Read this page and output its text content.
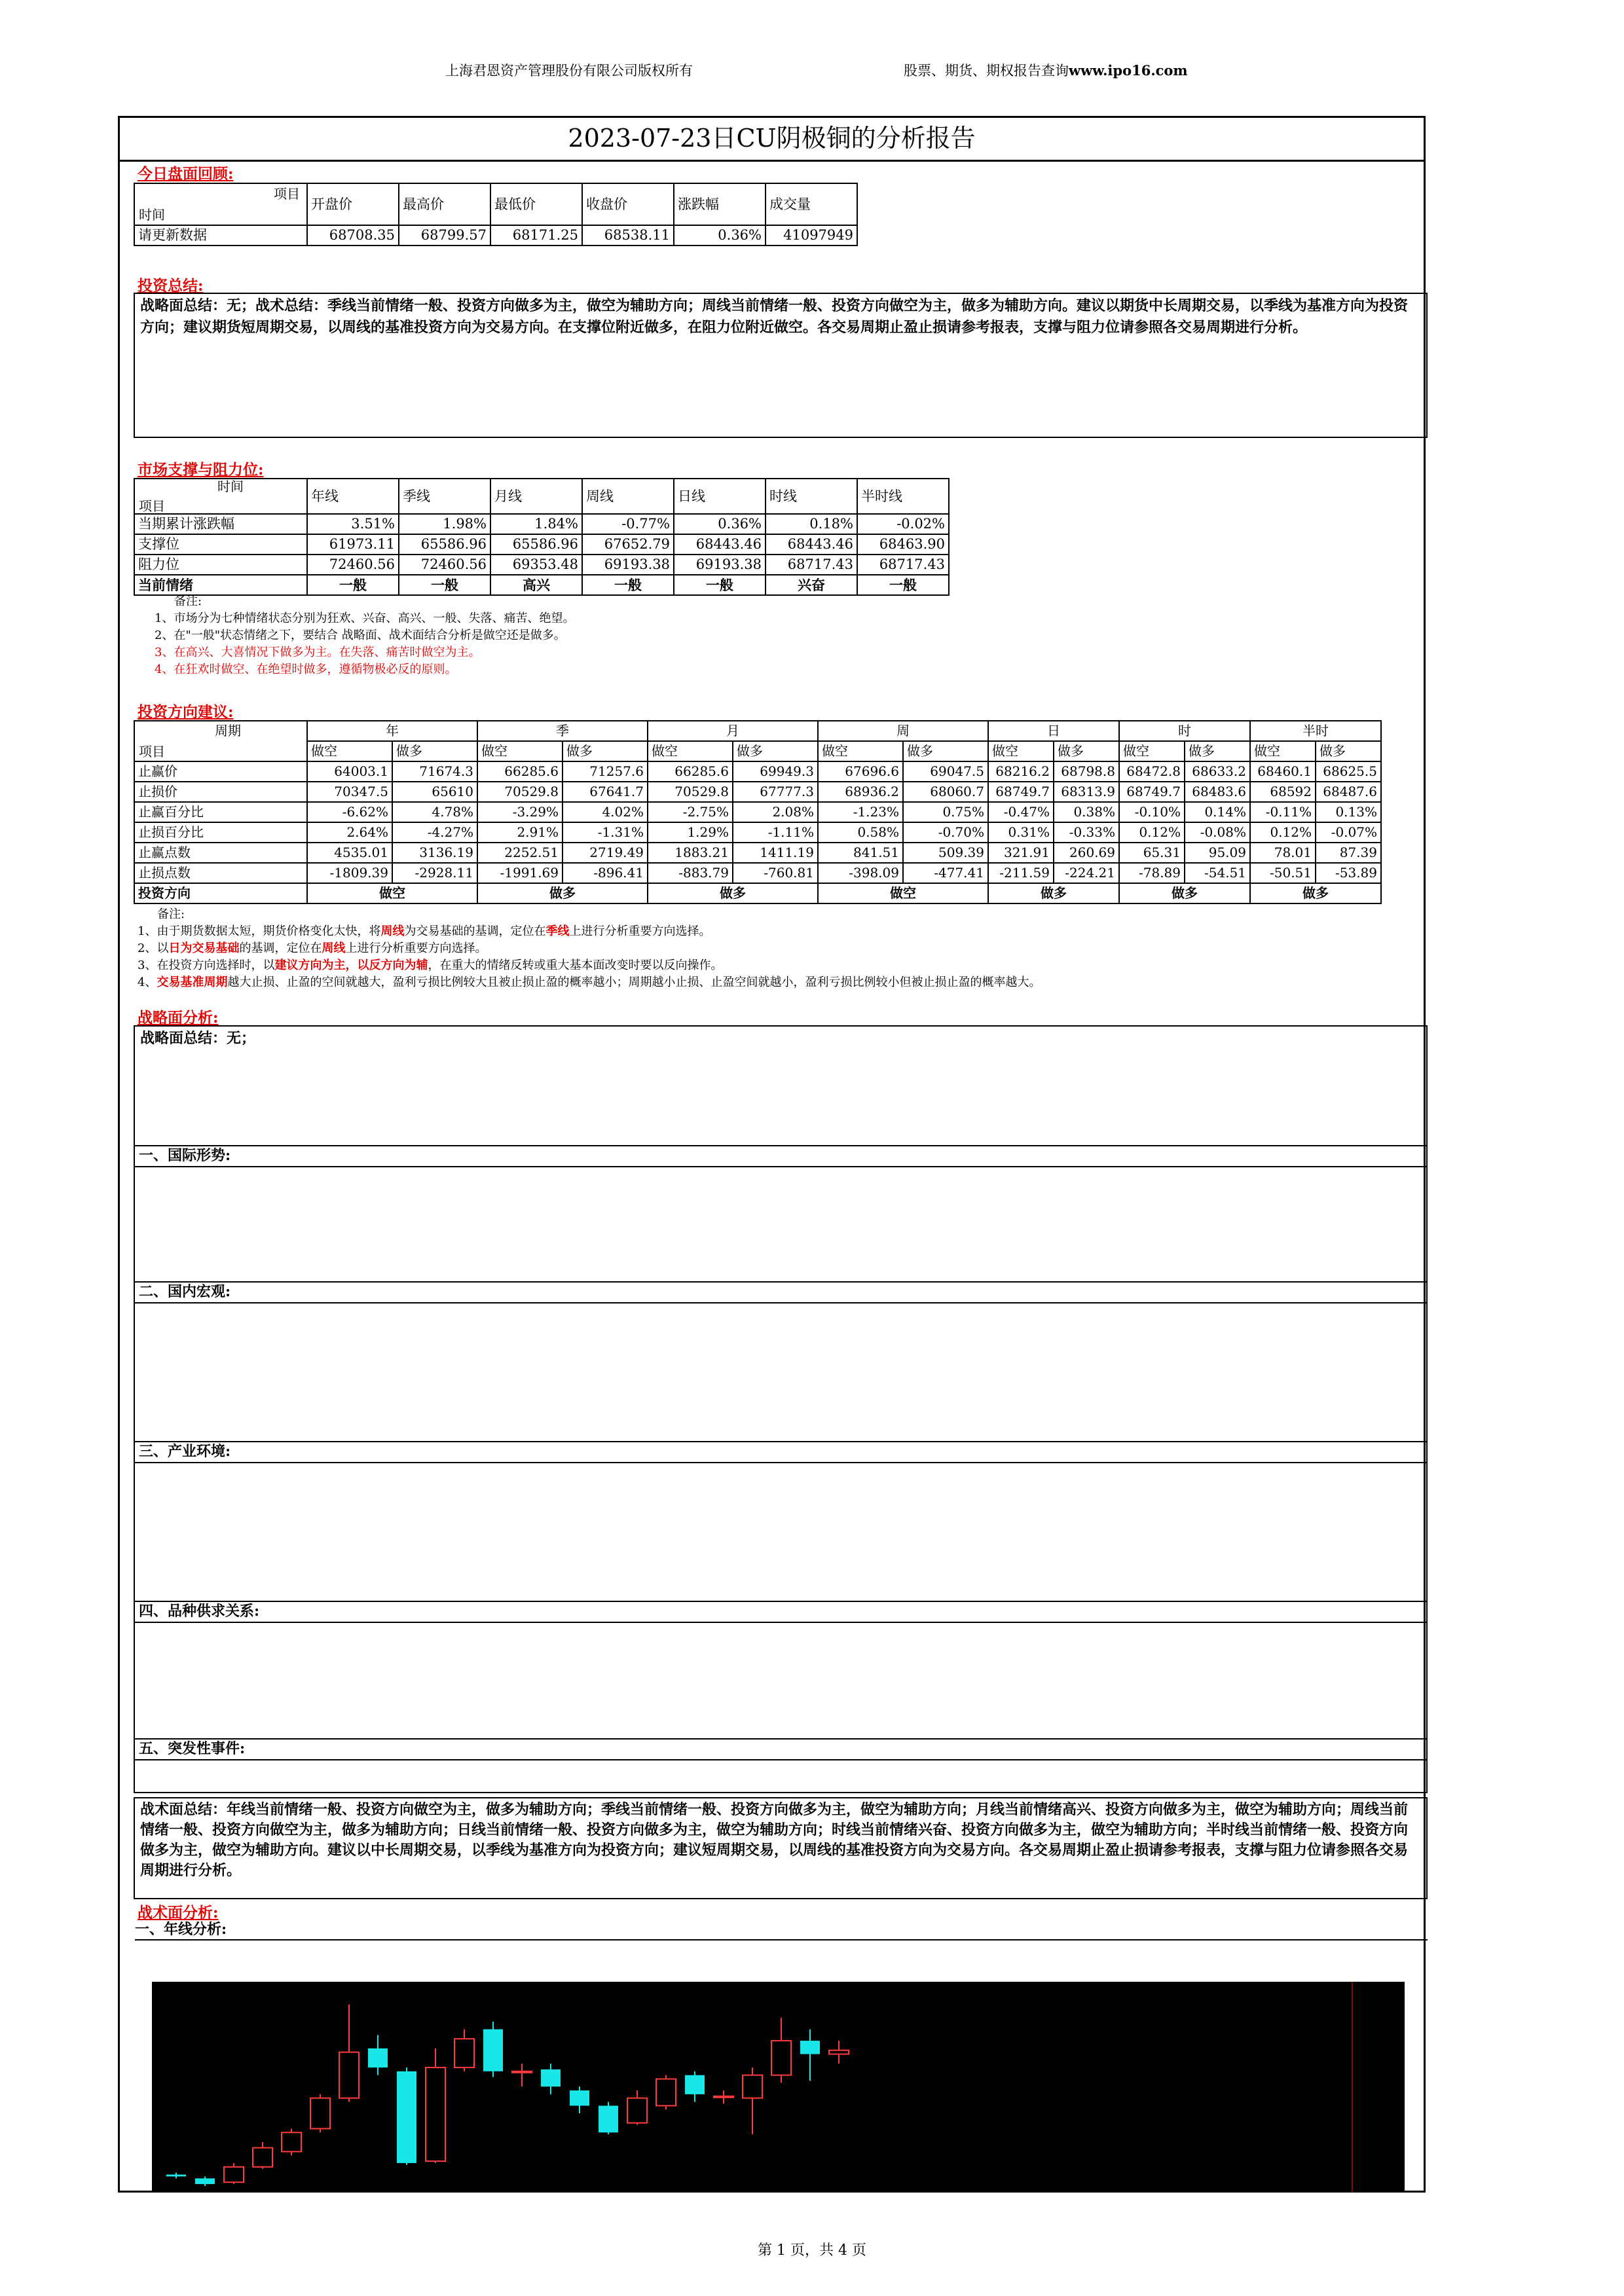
上海君恩资产管理股份有限公司版权所有	股票、期货、期权报告查询www.ipo16.com
2023-07-23日CU阴极铜的分析报告
今日盘面回顾:
项目
时间	开盘价	最高价	最低价	收盘价	涨跌幅	成交量
请更新数据	68708.35	68799.57	68171.25	68538.11	0.36%	41097949
投资总结:
战略面总结：无；战术总结：季线当前情绪一般、投资方向做多为主，做空为辅助方向；周线当前情绪一般、投资方向做空为主，做多为辅助方向。建议以期货中长周期交易，以季线为基准方向为投资方向；建议期货短周期交易，以周线的基准投资方向为交易方向。在支撑位附近做多，在阻力位附近做空。各交易周期止盈止损请参考报表，支撑与阻力位请参照各交易周期进行分析。
市场支撑与阻力位:
时间
项目	年线	季线	月线	周线	日线	时线	半时线
当期累计涨跌幅	3.51%	1.98%	1.84%	-0.77%	0.36%	0.18%	-0.02%
支撑位	61973.11	65586.96	65586.96	67652.79	68443.46	68443.46	68463.90
阻力位	72460.56	72460.56	69353.48	69193.38	69193.38	68717.43	68717.43
当前情绪	一般	一般	高兴	一般	一般	兴奋	一般
备注:
1、市场分为七种情绪状态分别为狂欢、兴奋、高兴、一般、失落、痛苦、绝望。
2、在"一般"状态情绪之下，要结合 战略面、战术面结合分析是做空还是做多。
3、在高兴、大喜情况下做多为主。在失落、痛苦时做空为主。
4、在狂欢时做空、在绝望时做多，遵循物极必反的原则。
投资方向建议:
周期
项目	年		季		月		周		日		时		半时	
	做空	做多	做空	做多	做空	做多	做空	做多	做空	做多	做空	做多	做空	做多
止赢价	64003.1	71674.3	66285.6	71257.6	66285.6	69949.3	67696.6	69047.5	68216.2	68798.8	68472.8	68633.2	68460.1	68625.5
止损价	70347.5	65610	70529.8	67641.7	70529.8	67777.3	68936.2	68060.7	68749.7	68313.9	68749.7	68483.6	68592	68487.6
止赢百分比	-6.62%	4.78%	-3.29%	4.02%	-2.75%	2.08%	-1.23%	0.75%	-0.47%	0.38%	-0.10%	0.14%	-0.11%	0.13%
止损百分比	2.64%	-4.27%	2.91%	-1.31%	1.29%	-1.11%	0.58%	-0.70%	0.31%	-0.33%	0.12%	-0.08%	0.12%	-0.07%
止赢点数	4535.01	3136.19	2252.51	2719.49	1883.21	1411.19	841.51	509.39	321.91	260.69	65.31	95.09	78.01	87.39
止损点数	-1809.39	-2928.11	-1991.69	-896.41	-883.79	-760.81	-398.09	-477.41	-211.59	-224.21	-78.89	-54.51	-50.51	-53.89
投资方向	做空		做多		做多		做空		做多		做多		做多	
备注:
1、由于期货数据太短，期货价格变化太快，将周线为交易基础的基调，定位在季线上进行分析重要方向选择。
2、以日为交易基础的基调，定位在周线上进行分析重要方向选择。
3、在投资方向选择时，以建议方向为主，以反方向为辅，在重大的情绪反转或重大基本面改变时要以反向操作。
4、交易基准周期越大止损、止盈的空间就越大，盈利亏损比例较大且被止损止盈的概率越小；周期越小止损、止盈空间就越小，盈利亏损比例较小但被止损止盈的概率越大。
战略面分析:
战略面总结：无；
一、国际形势:
二、国内宏观:
三、产业环境:
四、品种供求关系:
五、突发性事件:
战术面总结：年线当前情绪一般、投资方向做空为主，做多为辅助方向；季线当前情绪一般、投资方向做多为主，做空为辅助方向；月线当前情绪高兴、投资方向做多为主，做空为辅助方向；周线当前情绪一般、投资方向做空为主，做多为辅助方向；日线当前情绪一般、投资方向做多为主，做空为辅助方向；时线当前情绪兴奋、投资方向做多为主，做空为辅助方向；半时线当前情绪一般、投资方向做多为主，做空为辅助方向。建议以中长周期交易，以季线为基准方向为投资方向；建议短周期交易，以周线的基准投资方向为交易方向。各交易周期止盈止损请参考报表，支撑与阻力位请参照各交易周期进行分析。
战术面分析:
一、年线分析:
第 1 页，共 4 页
